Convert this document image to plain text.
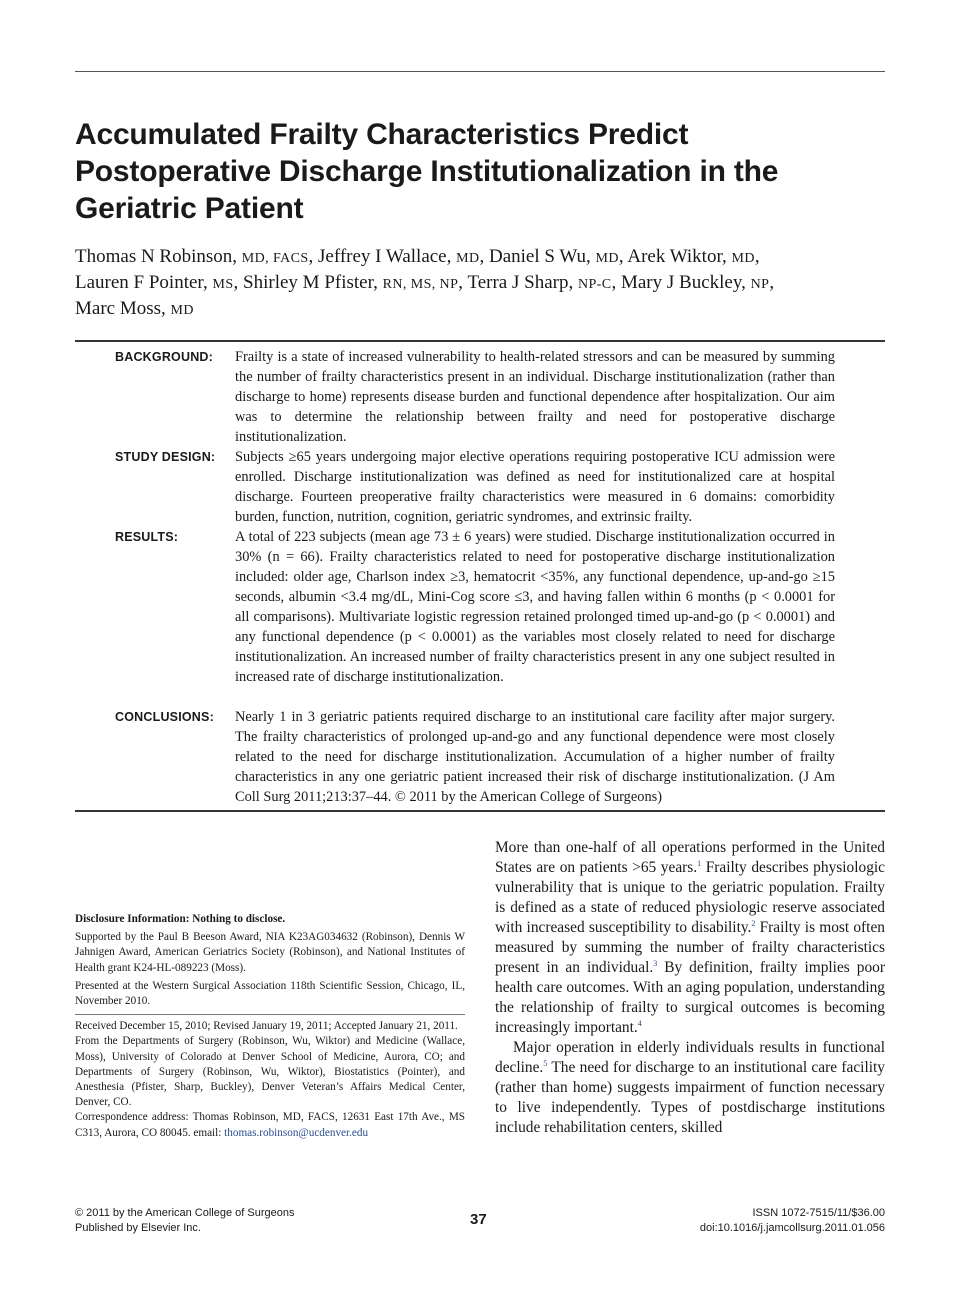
Accumulated Frailty Characteristics Predict Postoperative Discharge Institutionalization in the Geriatric Patient

Thomas N Robinson, MD, FACS, Jeffrey I Wallace, MD, Daniel S Wu, MD, Arek Wiktor, MD,
Lauren F Pointer, MS, Shirley M Pfister, RN, MS, NP, Terra J Sharp, NP-C, Mary J Buckley, NP,
Marc Moss, MD

BACKGROUND:	Frailty is a state of increased vulnerability to health-related stressors and can be measured by summing the number of frailty characteristics present in an individual. Discharge institutionalization (rather than discharge to home) represents disease burden and functional dependence after hospitalization. Our aim was to determine the relationship between frailty and need for postoperative discharge institutionalization.
STUDY DESIGN:	Subjects ≥65 years undergoing major elective operations requiring postoperative ICU admission were enrolled. Discharge institutionalization was defined as need for institutionalized care at hospital discharge. Fourteen preoperative frailty characteristics were measured in 6 domains: comorbidity burden, function, nutrition, cognition, geriatric syndromes, and extrinsic frailty.
RESULTS:	A total of 223 subjects (mean age 73 ± 6 years) were studied. Discharge institutionalization occurred in 30% (n = 66). Frailty characteristics related to need for postoperative discharge institutionalization included: older age, Charlson index ≥3, hematocrit <35%, any functional dependence, up-and-go ≥15 seconds, albumin <3.4 mg/dL, Mini-Cog score ≤3, and having fallen within 6 months (p < 0.0001 for all comparisons). Multivariate logistic regression retained prolonged timed up-and-go (p < 0.0001) and any functional dependence (p < 0.0001) as the variables most closely related to need for discharge institutionalization. An increased number of frailty characteristics present in any one subject resulted in increased rate of discharge institutionalization.
CONCLUSIONS:	Nearly 1 in 3 geriatric patients required discharge to an institutional care facility after major surgery. The frailty characteristics of prolonged up-and-go and any functional dependence were most closely related to the need for discharge institutionalization. Accumulation of a higher number of frailty characteristics in any one geriatric patient increased their risk of discharge institutionalization. (J Am Coll Surg 2011;213:37–44. © 2011 by the American College of Surgeons)

Disclosure Information: Nothing to disclose.

Supported by the Paul B Beeson Award, NIA K23AG034632 (Robinson), Dennis W Jahnigen Award, American Geriatrics Society (Robinson), and National Institutes of Health grant K24-HL-089223 (Moss).

Presented at the Western Surgical Association 118th Scientific Session, Chicago, IL, November 2010.

Received December 15, 2010; Revised January 19, 2011; Accepted January 21, 2011.

From the Departments of Surgery (Robinson, Wu, Wiktor) and Medicine (Wallace, Moss), University of Colorado at Denver School of Medicine, Aurora, CO; and Departments of Surgery (Robinson, Wu, Wiktor), Biostatistics (Pointer), and Anesthesia (Pfister, Sharp, Buckley), Denver Veteran’s Affairs Medical Center, Denver, CO.

Correspondence address: Thomas Robinson, MD, FACS, 12631 East 17th Ave., MS C313, Aurora, CO 80045. email: thomas.robinson@ucdenver.edu

More than one-half of all operations performed in the United States are on patients >65 years.$^1$ Frailty describes physiologic vulnerability that is unique to the geriatric population. Frailty is defined as a state of reduced physiologic reserve associated with increased susceptibility to disability.$^2$ Frailty is most often measured by summing the number of frailty characteristics present in an individual.$^3$ By definition, frailty implies poor health care outcomes. With an aging population, understanding the relationship of frailty to surgical outcomes is becoming increasingly important.$^4$

Major operation in elderly individuals results in functional decline.$^5$ The need for discharge to an institutional care facility (rather than home) suggests impairment of function necessary to live independently. Types of postdischarge institutions include rehabilitation centers, skilled

© 2011 by the American College of Surgeons
Published by Elsevier Inc.	37	ISSN 1072-7515/11/$36.00
doi:10.1016/j.jamcollsurg.2011.01.056
